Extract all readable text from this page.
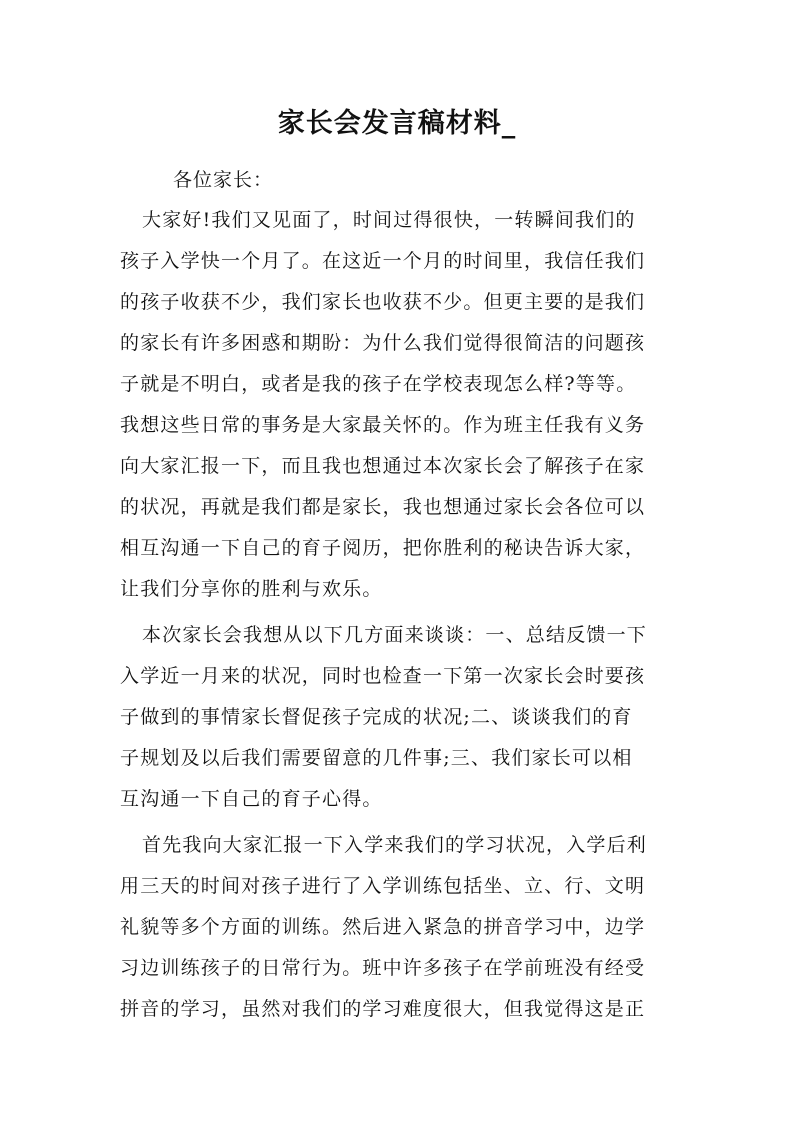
家长会发言稿材料_
各位家长：
大家好!我们又见面了，时间过得很快，一转瞬间我们的
孩子入学快一个月了。在这近一个月的时间里，我信任我们
的孩子收获不少，我们家长也收获不少。但更主要的是我们
的家长有许多困惑和期盼：为什么我们觉得很简洁的问题孩
子就是不明白，或者是我的孩子在学校表现怎么样?等等。
我想这些日常的事务是大家最关怀的。作为班主任我有义务
向大家汇报一下，而且我也想通过本次家长会了解孩子在家
的状况，再就是我们都是家长，我也想通过家长会各位可以
相互沟通一下自己的育子阅历，把你胜利的秘诀告诉大家，
让我们分享你的胜利与欢乐。
本次家长会我想从以下几方面来谈谈：一、总结反馈一下
入学近一月来的状况，同时也检查一下第一次家长会时要孩
子做到的事情家长督促孩子完成的状况;二、谈谈我们的育
子规划及以后我们需要留意的几件事;三、我们家长可以相
互沟通一下自己的育子心得。
首先我向大家汇报一下入学来我们的学习状况，入学后利
用三天的时间对孩子进行了入学训练包括坐、立、行、文明
礼貌等多个方面的训练。然后进入紧急的拼音学习中，边学
习边训练孩子的日常行为。班中许多孩子在学前班没有经受
拼音的学习，虽然对我们的学习难度很大，但我觉得这是正
